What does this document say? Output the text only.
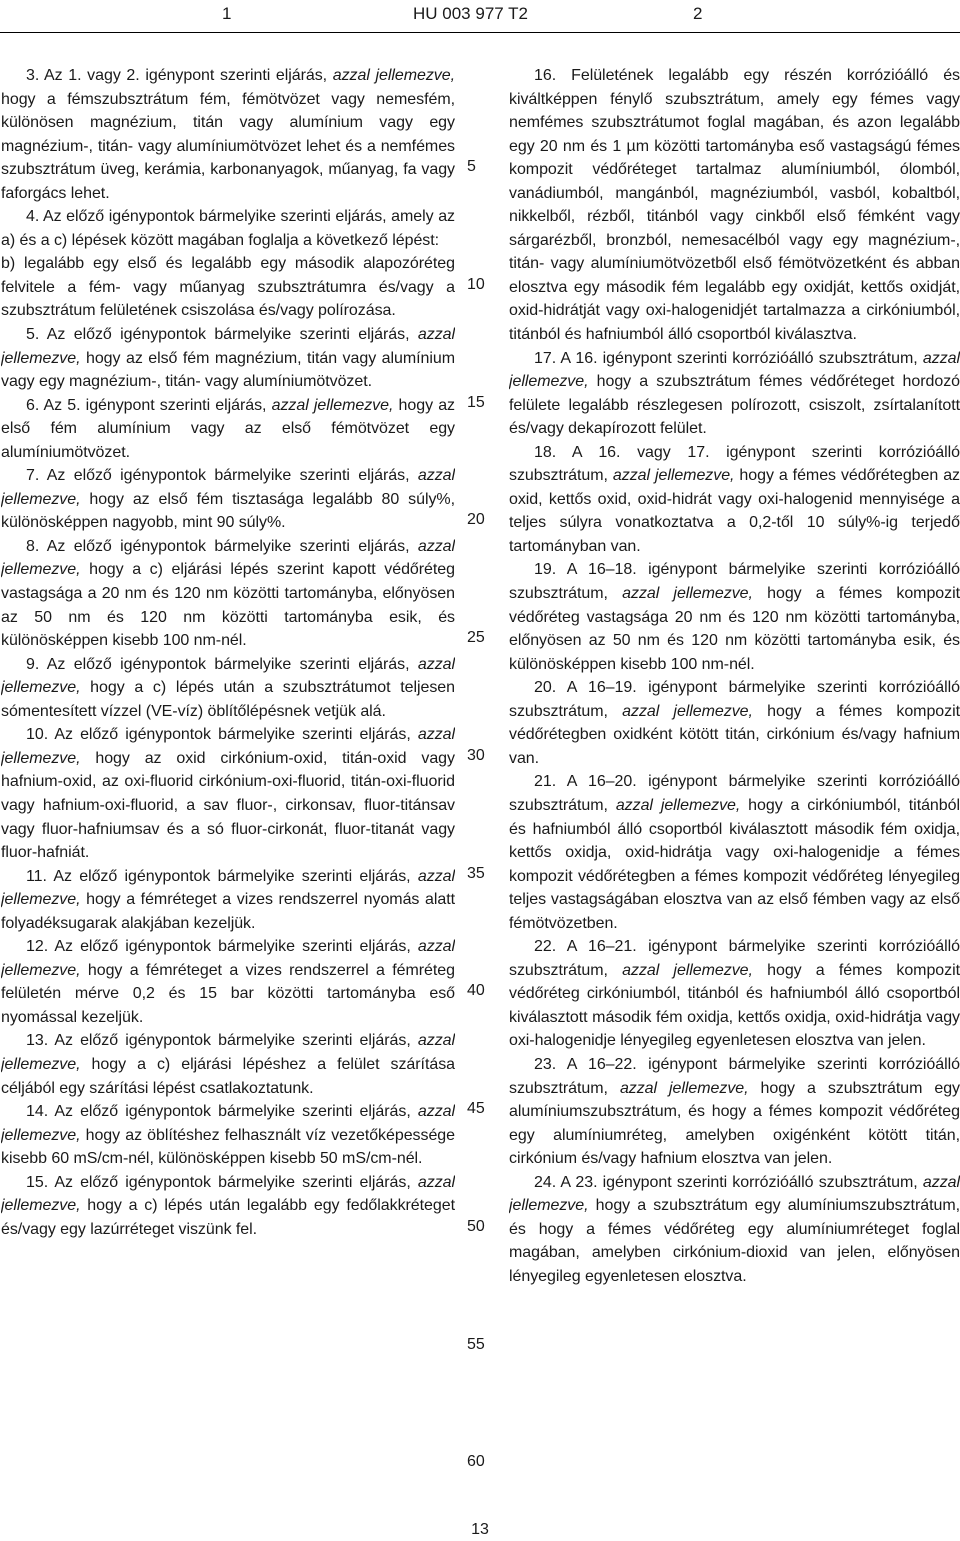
1	HU 003 977 T2	2

3. Az 1. vagy 2. igénypont szerinti eljárás, azzal jellemezve, hogy a fémszubsztrátum fém, fémötvözet vagy nemesfém, különösen magnézium, titán vagy alumínium vagy egy magnézium-, titán- vagy alumíniumötvözet lehet és a nemfémes szubsztrátum üveg, kerámia, karbonanyagok, műanyag, fa vagy faforgács lehet.

4. Az előző igénypontok bármelyike szerinti eljárás, amely az a) és a c) lépések között magában foglalja a következő lépést:

b) legalább egy első és legalább egy második alapozóréteg felvitele a fém- vagy műanyag szubsztrátumra és/vagy a szubsztrátum felületének csiszolása és/vagy polírozása.

5. Az előző igénypontok bármelyike szerinti eljárás, azzal jellemezve, hogy az első fém magnézium, titán vagy alumínium vagy egy magnézium-, titán- vagy alumíniumötvözet.

6. Az 5. igénypont szerinti eljárás, azzal jellemezve, hogy az első fém alumínium vagy az első fémötvözet egy alumíniumötvözet.

7. Az előző igénypontok bármelyike szerinti eljárás, azzal jellemezve, hogy az első fém tisztasága legalább 80 súly%, különösképpen nagyobb, mint 90 súly%.

8. Az előző igénypontok bármelyike szerinti eljárás, azzal jellemezve, hogy a c) eljárási lépés szerint kapott védőréteg vastagsága a 20 nm és 120 nm közötti tartományba, előnyösen az 50 nm és 120 nm közötti tartományba esik, és különösképpen kisebb 100 nm-nél.

9. Az előző igénypontok bármelyike szerinti eljárás, azzal jellemezve, hogy a c) lépés után a szubsztrátumot teljesen sómentesített vízzel (VE-víz) öblítőlépésnek vetjük alá.

10. Az előző igénypontok bármelyike szerinti eljárás, azzal jellemezve, hogy az oxid cirkónium-oxid, titán-oxid vagy hafnium-oxid, az oxi-fluorid cirkónium-oxi-fluorid, titán-oxi-fluorid vagy hafnium-oxi-fluorid, a sav fluor-, cirkonsav, fluor-titánsav vagy fluor-hafniumsav és a só fluor-cirkonát, fluor-titanát vagy fluor-hafniát.

11. Az előző igénypontok bármelyike szerinti eljárás, azzal jellemezve, hogy a fémréteget a vizes rendszerrel nyomás alatt folyadéksugarak alakjában kezeljük.

12. Az előző igénypontok bármelyike szerinti eljárás, azzal jellemezve, hogy a fémréteget a vizes rendszerrel a fémréteg felületén mérve 0,2 és 15 bar közötti tartományba eső nyomással kezeljük.

13. Az előző igénypontok bármelyike szerinti eljárás, azzal jellemezve, hogy a c) eljárási lépéshez a felület szárítása céljából egy szárítási lépést csatlakoztatunk.

14. Az előző igénypontok bármelyike szerinti eljárás, azzal jellemezve, hogy az öblítéshez felhasznált víz vezetőképessége kisebb 60 mS/cm-nél, különösképpen kisebb 50 mS/cm-nél.

15. Az előző igénypontok bármelyike szerinti eljárás, azzal jellemezve, hogy a c) lépés után legalább egy fedőlakkréteget és/vagy egy lazúrréteget viszünk fel.

5
10
15
20
25
30
35
40
45
50
55
60

16. Felületének legalább egy részén korrózióálló és kiváltképpen fénylő szubsztrátum, amely egy fémes vagy nemfémes szubsztrátumot foglal magában, és azon legalább egy 20 nm és 1 µm közötti tartományba eső vastagságú fémes kompozit védőréteget tartalmaz alumíniumból, ólomból, vanádiumból, mangánból, magnéziumból, vasból, kobaltból, nikkelből, rézből, titánból vagy cinkből első fémként vagy sárgarézből, bronzból, nemesacélból vagy egy magnézium-, titán- vagy alumíniumötvözetből első fémötvözetként és abban elosztva egy második fém legalább egy oxidját, kettős oxidját, oxid-hidrátját vagy oxi-halogenidjét tartalmazza a cirkóniumból, titánból és hafniumból álló csoportból kiválasztva.

17. A 16. igénypont szerinti korrózióálló szubsztrátum, azzal jellemezve, hogy a szubsztrátum fémes védőréteget hordozó felülete legalább részlegesen polírozott, csiszolt, zsírtalanított és/vagy dekapírozott felület.

18. A 16. vagy 17. igénypont szerinti korrózióálló szubsztrátum, azzal jellemezve, hogy a fémes védőrétegben az oxid, kettős oxid, oxid-hidrát vagy oxi-halogenid mennyisége a teljes súlyra vonatkoztatva a 0,2-től 10 súly%-ig terjedő tartományban van.

19. A 16–18. igénypont bármelyike szerinti korrózióálló szubsztrátum, azzal jellemezve, hogy a fémes kompozit védőréteg vastagsága 20 nm és 120 nm közötti tartományba, előnyösen az 50 nm és 120 nm közötti tartományba esik, és különösképpen kisebb 100 nm-nél.

20. A 16–19. igénypont bármelyike szerinti korrózióálló szubsztrátum, azzal jellemezve, hogy a fémes kompozit védőrétegben oxidként kötött titán, cirkónium és/vagy hafnium van.

21. A 16–20. igénypont bármelyike szerinti korrózióálló szubsztrátum, azzal jellemezve, hogy a cirkóniumból, titánból és hafniumból álló csoportból kiválasztott második fém oxidja, kettős oxidja, oxid-hidrátja vagy oxi-halogenidje a fémes kompozit védőrétegben a fémes kompozit védőréteg lényegileg teljes vastagságában elosztva van az első fémben vagy az első fémötvözetben.

22. A 16–21. igénypont bármelyike szerinti korrózióálló szubsztrátum, azzal jellemezve, hogy a fémes kompozit védőréteg cirkóniumból, titánból és hafniumból álló csoportból kiválasztott második fém oxidja, kettős oxidja, oxid-hidrátja vagy oxi-halogenidje lényegileg egyenletesen elosztva van jelen.

23. A 16–22. igénypont bármelyike szerinti korrózióálló szubsztrátum, azzal jellemezve, hogy a szubsztrátum egy alumíniumszubsztrátum, és hogy a fémes kompozit védőréteg egy alumíniumréteg, amelyben oxigénként kötött titán, cirkónium és/vagy hafnium elosztva van jelen.

24. A 23. igénypont szerinti korrózióálló szubsztrátum, azzal jellemezve, hogy a szubsztrátum egy alumíniumszubsztrátum, és hogy a fémes védőréteg egy alumíniumréteget foglal magában, amelyben cirkónium-dioxid van jelen, előnyösen lényegileg egyenletesen elosztva.

13
